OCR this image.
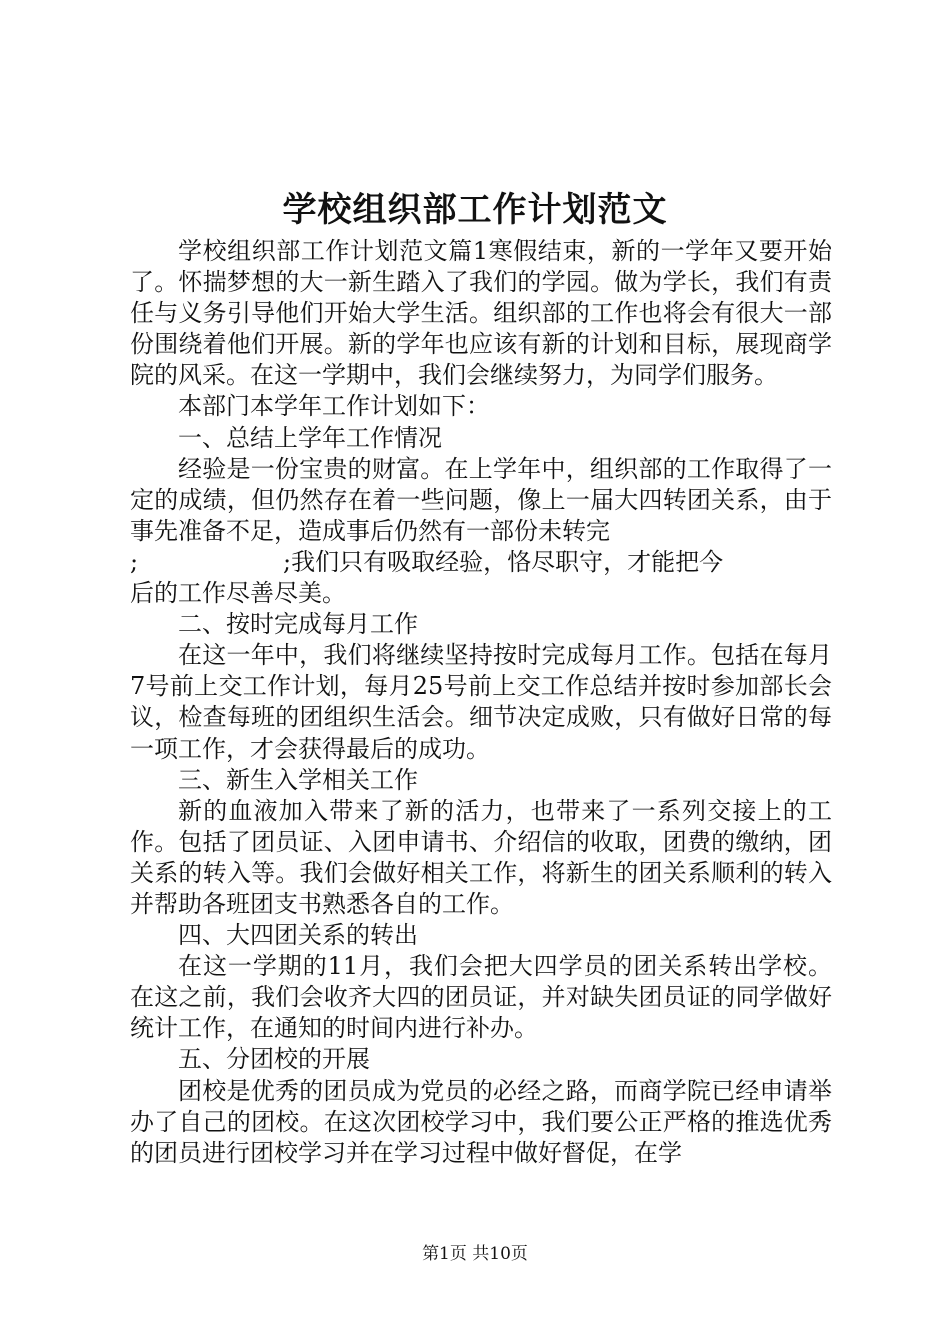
学校组织部工作计划范文

学校组织部工作计划范文篇1寒假结束，新的一学年又要开始了。怀揣梦想的大一新生踏入了我们的学园。做为学长，我们有责任与义务引导他们开始大学生活。组织部的工作也将会有很大一部份围绕着他们开展。新的学年也应该有新的计划和目标，展现商学院的风采。在这一学期中，我们会继续努力，为同学们服务。

本部门本学年工作计划如下：

一、总结上学年工作情况

经验是一份宝贵的财富。在上学年中，组织部的工作取得了一定的成绩，但仍然存在着一些问题，像上一届大四转团关系，由于事先准备不足，造成事后仍然有一部份未转完

;                   ;我们只有吸取经验，恪尽职守，才能把今

后的工作尽善尽美。

二、按时完成每月工作

在这一年中，我们将继续坚持按时完成每月工作。包括在每月7号前上交工作计划，每月25号前上交工作总结并按时参加部长会议，检查每班的团组织生活会。细节决定成败，只有做好日常的每一项工作，才会获得最后的成功。

三、新生入学相关工作

新的血液加入带来了新的活力，也带来了一系列交接上的工作。包括了团员证、入团申请书、介绍信的收取，团费的缴纳，团关系的转入等。我们会做好相关工作，将新生的团关系顺利的转入并帮助各班团支书熟悉各自的工作。

四、大四团关系的转出

在这一学期的11月，我们会把大四学员的团关系转出学校。在这之前，我们会收齐大四的团员证，并对缺失团员证的同学做好统计工作，在通知的时间内进行补办。

五、分团校的开展

团校是优秀的团员成为党员的必经之路，而商学院已经申请举办了自己的团校。在这次团校学习中，我们要公正严格的推选优秀的团员进行团校学习并在学习过程中做好督促，在学

第1页 共10页
